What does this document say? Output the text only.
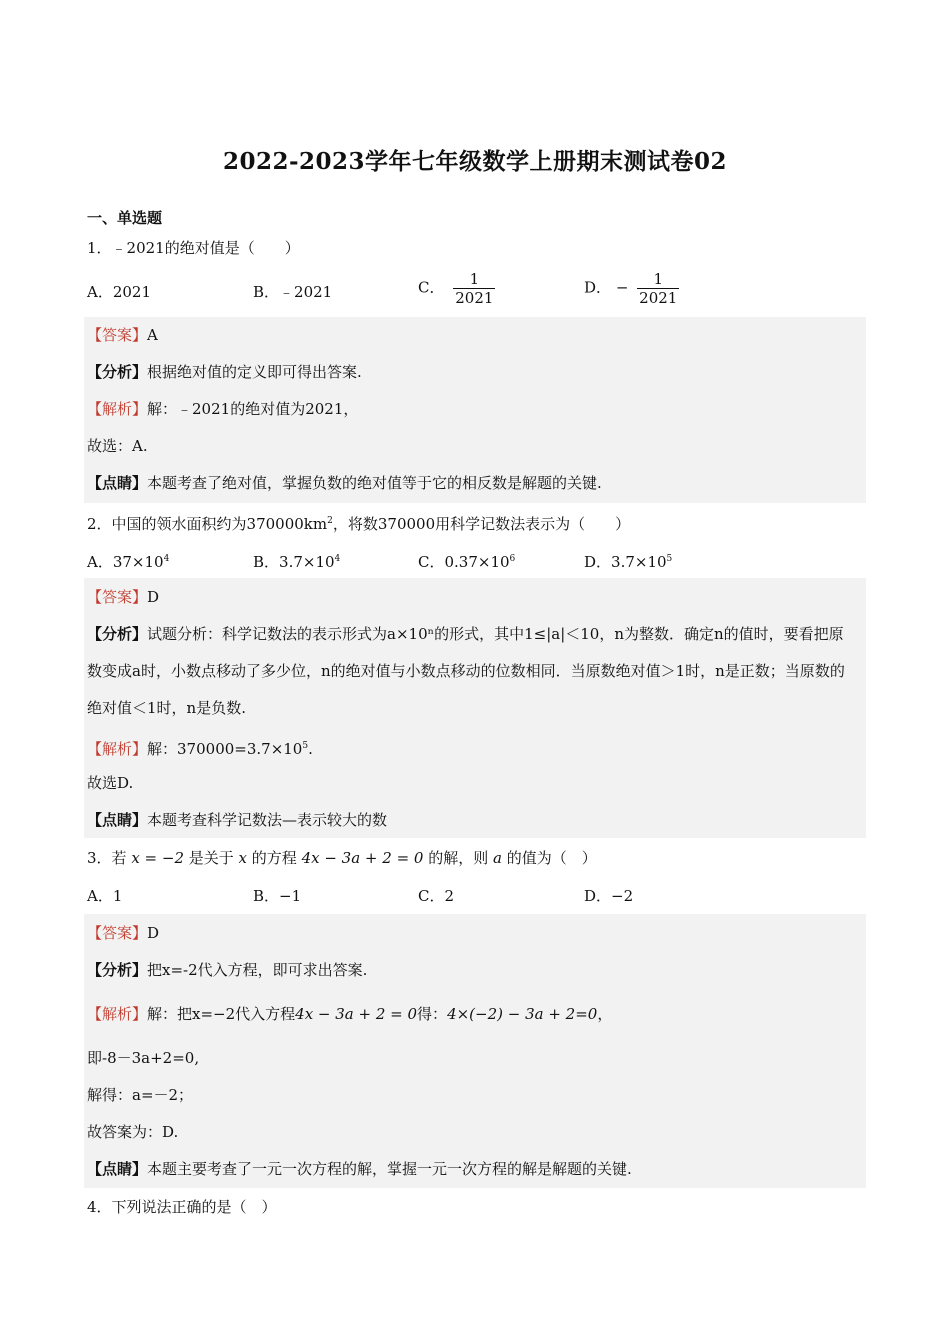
2022-2023学年七年级数学上册期末测试卷02
一、单选题
1．﹣2021的绝对值是（　　）
A．2021	B．﹣2021	C． $\frac{1}{2021}$	D． − $\frac{1}{2021}$
【答案】A
【分析】根据绝对值的定义即可得出答案.
【解析】解：﹣2021的绝对值为2021，
故选：A.
【点睛】本题考查了绝对值，掌握负数的绝对值等于它的相反数是解题的关键.
2．中国的领水面积约为$370000km^2$，将数370000用科学记数法表示为（　　）
A．$37\times 10^4$	B．$3.7\times 10^4$	C．$0.37\times 10^6$	D．$3.7\times 10^5$
【答案】D
【分析】试题分析：科学记数法的表示形式为a×10ⁿ的形式，其中1≤|a|＜10，n为整数．确定n的值时，要看把原数变成a时，小数点移动了多少位，n的绝对值与小数点移动的位数相同．当原数绝对值＞1时，n是正数；当原数的绝对值＜1时，n是负数.
【解析】解：$370000=3.7\times 10^5$.
故选D.
【点睛】本题考查科学记数法—表示较大的数
3．若 x = −2 是关于 x 的方程 4x − 3a + 2 = 0 的解，则 a 的值为（　）
A．1	B．−1	C．2	D．−2
【答案】D
【分析】把x=-2代入方程，即可求出答案.
【解析】解：把x=−2代入方程4x − 3a + 2 = 0得：4×(−2) − 3a + 2=0，
即-8－3a+2=0,
解得：a=－2；
故答案为：D.
【点睛】本题主要考查了一元一次方程的解，掌握一元一次方程的解是解题的关键.
4．下列说法正确的是（　）
